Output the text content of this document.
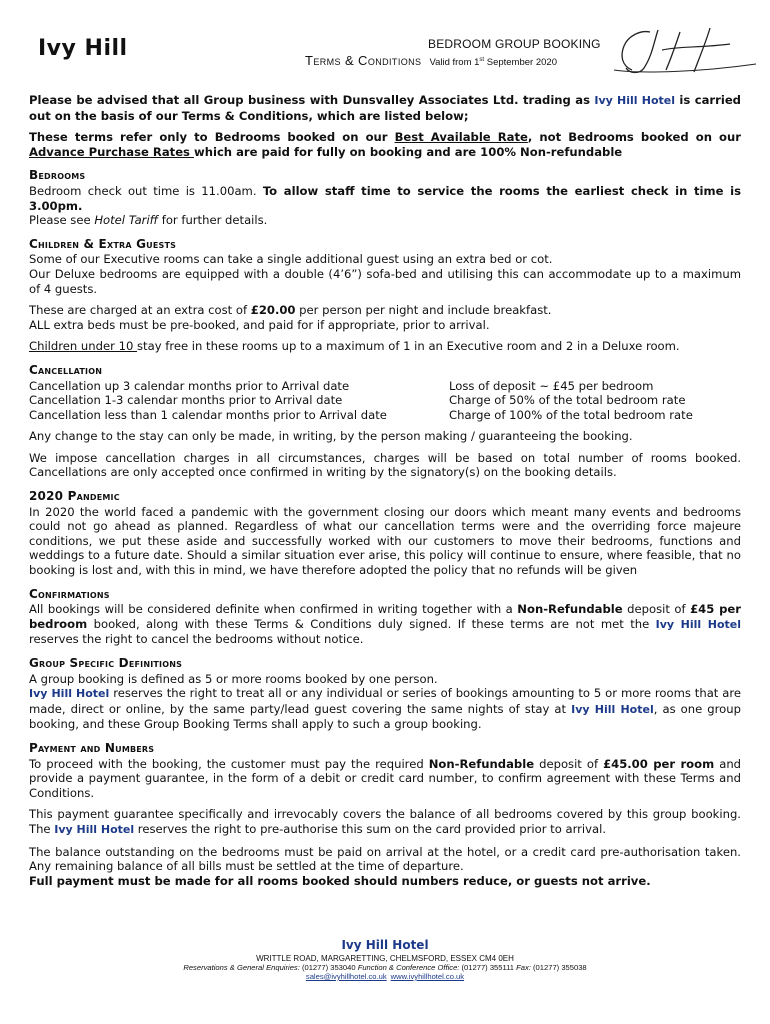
Ivy Hill	BEDROOM GROUP BOOKING
Terms & Conditions Valid from 1st September 2020

Please be advised that all Group business with Dunsvalley Associates Ltd. trading as Ivy Hill Hotel is carried out on the basis of our Terms & Conditions, which are listed below;

These terms refer only to Bedrooms booked on our Best Available Rate, not Bedrooms booked on our Advance Purchase Rates which are paid for fully on booking and are 100% Non-refundable

Bedrooms

Bedroom check out time is 11.00am. To allow staff time to service the rooms the earliest check in time is 3.00pm.
Please see Hotel Tariff for further details.

Children & Extra Guests

Some of our Executive rooms can take a single additional guest using an extra bed or cot.
Our Deluxe bedrooms are equipped with a double (4’6”) sofa-bed and utilising this can accommodate up to a maximum of 4 guests.

These are charged at an extra cost of £20.00 per person per night and include breakfast.
ALL extra beds must be pre-booked, and paid for if appropriate, prior to arrival.

Children under 10 stay free in these rooms up to a maximum of 1 in an Executive room and 2 in a Deluxe room.

Cancellation
Cancellation up 3 calendar months prior to Arrival date	Loss of deposit ~ £45 per bedroom
Cancellation 1-3 calendar months prior to Arrival date	Charge of 50% of the total bedroom rate
Cancellation less than 1 calendar months prior to Arrival date	Charge of 100% of the total bedroom rate

Any change to the stay can only be made, in writing, by the person making / guaranteeing the booking.

We impose cancellation charges in all circumstances, charges will be based on total number of rooms booked. Cancellations are only accepted once confirmed in writing by the signatory(s) on the booking details.

2020 Pandemic

In 2020 the world faced a pandemic with the government closing our doors which meant many events and bedrooms could not go ahead as planned. Regardless of what our cancellation terms were and the overriding force majeure conditions, we put these aside and successfully worked with our customers to move their bedrooms, functions and weddings to a future date. Should a similar situation ever arise, this policy will continue to ensure, where feasible, that no booking is lost and, with this in mind, we have therefore adopted the policy that no refunds will be given

Confirmations

All bookings will be considered definite when confirmed in writing together with a Non-Refundable deposit of £45 per bedroom booked, along with these Terms & Conditions duly signed. If these terms are not met the Ivy Hill Hotel reserves the right to cancel the bedrooms without notice.

Group Specific Definitions

A group booking is defined as 5 or more rooms booked by one person.
Ivy Hill Hotel reserves the right to treat all or any individual or series of bookings amounting to 5 or more rooms that are made, direct or online, by the same party/lead guest covering the same nights of stay at Ivy Hill Hotel, as one group booking, and these Group Booking Terms shall apply to such a group booking.

Payment and Numbers

To proceed with the booking, the customer must pay the required Non-Refundable deposit of £45.00 per room and provide a payment guarantee, in the form of a debit or credit card number, to confirm agreement with these Terms and Conditions.

This payment guarantee specifically and irrevocably covers the balance of all bedrooms covered by this group booking. The Ivy Hill Hotel reserves the right to pre-authorise this sum on the card provided prior to arrival.

The balance outstanding on the bedrooms must be paid on arrival at the hotel, or a credit card pre-authorisation taken. Any remaining balance of all bills must be settled at the time of departure.

Full payment must be made for all rooms booked should numbers reduce, or guests not arrive.

Ivy Hill Hotel
WRITTLE ROAD, MARGARETTING, CHELMSFORD, ESSEX CM4 0EH
Reservations & General Enquiries: (01277) 353040 Function & Conference Office: (01277) 355111 Fax: (01277) 355038
sales@ivyhillhotel.co.uk www.ivyhillhotel.co.uk
